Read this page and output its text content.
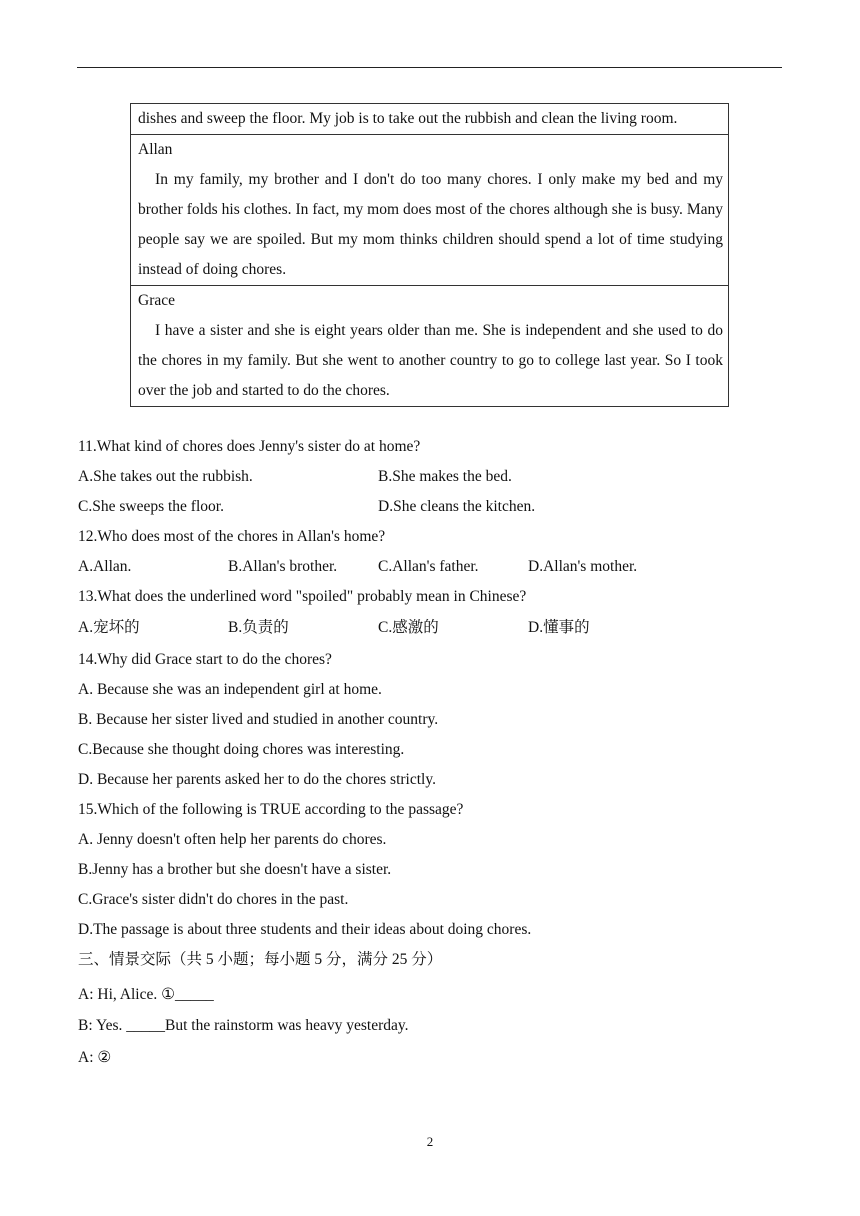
dishes and sweep the floor. My job is to take out the rubbish and clean the living room.

Allan
In my family, my brother and I don't do too many chores. I only make my bed and my brother folds his clothes. In fact, my mom does most of the chores although she is busy. Many people say we are spoiled. But my mom thinks children should spend a lot of time studying instead of doing chores.

Grace
I have a sister and she is eight years older than me. She is independent and she used to do the chores in my family. But she went to another country to go to college last year. So I took over the job and started to do the chores.
11.What kind of chores does Jenny's sister do at home?
A.She takes out the rubbish.	B.She makes the bed.
C.She sweeps the floor.	D.She cleans the kitchen.
12.Who does most of the chores in Allan's home?
A.Allan.	B.Allan's brother.	C.Allan's father.	D.Allan's mother.
13.What does the underlined word "spoiled" probably mean in Chinese?
A.宠坏的	B.负责的	C.感激的	D.懂事的
14.Why did Grace start to do the chores?
A. Because she was an independent girl at home.
B. Because her sister lived and studied in another country.
C.Because she thought doing chores was interesting.
D. Because her parents asked her to do the chores strictly.
15.Which of the following is TRUE according to the passage?
A. Jenny doesn't often help her parents do chores.
B.Jenny has a brother but she doesn't have a sister.
C.Grace's sister didn't do chores in the past.
D.The passage is about three students and their ideas about doing chores.
三、情景交际（共 5 小题；每小题 5 分，满分 25 分）
A: Hi, Alice. ①_____
B: Yes. _____But the rainstorm was heavy yesterday.
A: ②
2
